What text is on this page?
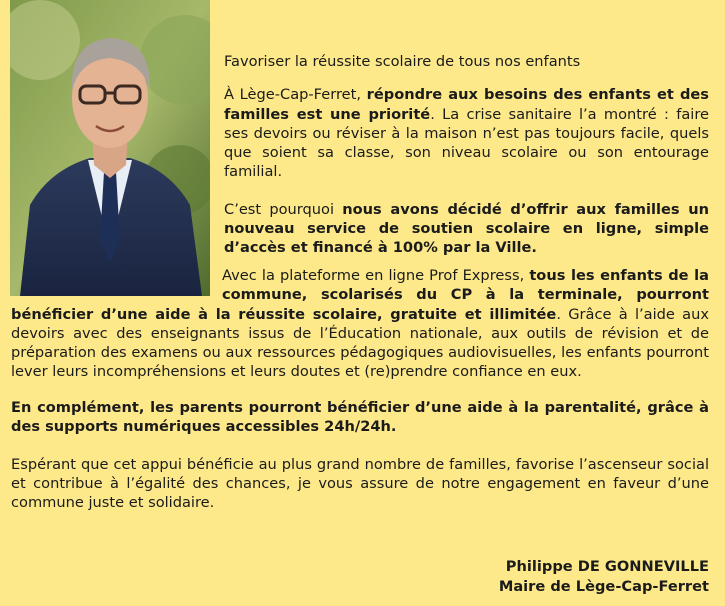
Favoriser la réussite scolaire de tous nos enfants

À Lège-Cap-Ferret, répondre aux besoins des enfants et des familles est une priorité. La crise sanitaire l’a montré : faire ses devoirs ou réviser à la maison n’est pas toujours facile, quels que soient sa classe, son niveau scolaire ou son entourage familial.

C’est pourquoi nous avons décidé d’offrir aux familles un nouveau service de soutien scolaire en ligne, simple d’accès et financé à 100% par la Ville.

Avec la plateforme en ligne Prof Express, tous les enfants de la commune, scolarisés du CP à la terminale, pourront bénéficier d’une aide à la réussite scolaire, gratuite et illimitée. Grâce à l’aide aux devoirs avec des enseignants issus de l’Éducation nationale, aux outils de révision et de préparation des examens ou aux ressources pédagogiques audiovisuelles, les enfants pourront lever leurs incompréhensions et leurs doutes et (re)prendre confiance en eux.

En complément, les parents pourront bénéficier d’une aide à la parentalité, grâce à des supports numériques accessibles 24h/24h.

Espérant que cet appui bénéficie au plus grand nombre de familles, favorise l’ascenseur social et contribue à l’égalité des chances, je vous assure de notre engagement en faveur d’une commune juste et solidaire.

Philippe DE GONNEVILLE
Maire de Lège-Cap-Ferret
